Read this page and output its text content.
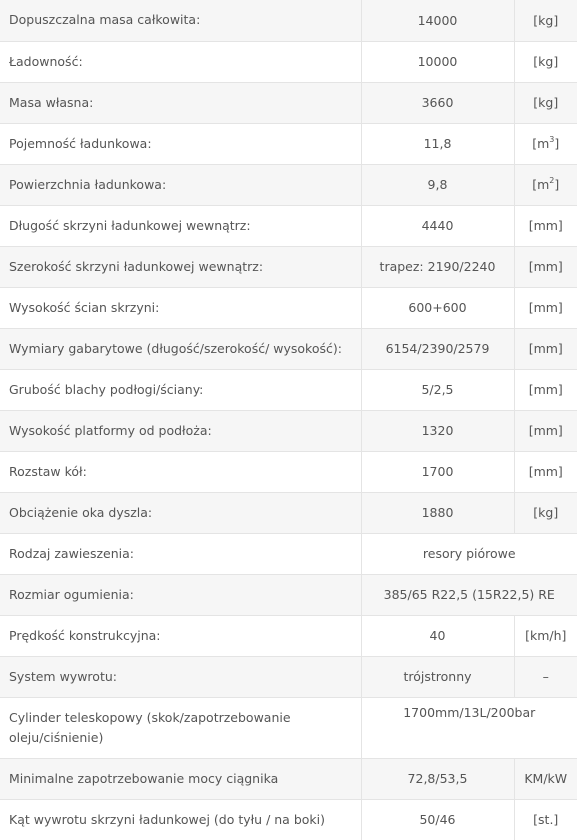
Dopuszczalna masa całkowita:	14000	[kg]
Ładowność:	10000	[kg]
Masa własna:	3660	[kg]
Pojemność ładunkowa:	11,8	$[m^3]$
Powierzchnia ładunkowa:	9,8	$[m^2]$
Długość skrzyni ładunkowej wewnątrz:	4440	[mm]
Szerokość skrzyni ładunkowej wewnątrz:	trapez: 2190/2240	[mm]
Wysokość ścian skrzyni:	600+600	[mm]
Wymiary gabarytowe (długość/szerokość/ wysokość):	6154/2390/2579	[mm]
Grubość blachy podłogi/ściany:	5/2,5	[mm]
Wysokość platformy od podłoża:	1320	[mm]
Rozstaw kół:	1700	[mm]
Obciążenie oka dyszla:	1880	[kg]
Rodzaj zawieszenia:	resory piórowe	
Rozmiar ogumienia:	385/65 R22,5 (15R22,5) RE	
Prędkość konstrukcyjna:	40	[km/h]
System wywrotu:	trójstronny	–
Cylinder teleskopowy (skok/zapotrzebowanie oleju/ciśnienie)	1700mm/13L/200bar	
Minimalne zapotrzebowanie mocy ciągnika	72,8/53,5	KM/kW
Kąt wywrotu skrzyni ładunkowej (do tyłu / na boki)	50/46	[st.]
